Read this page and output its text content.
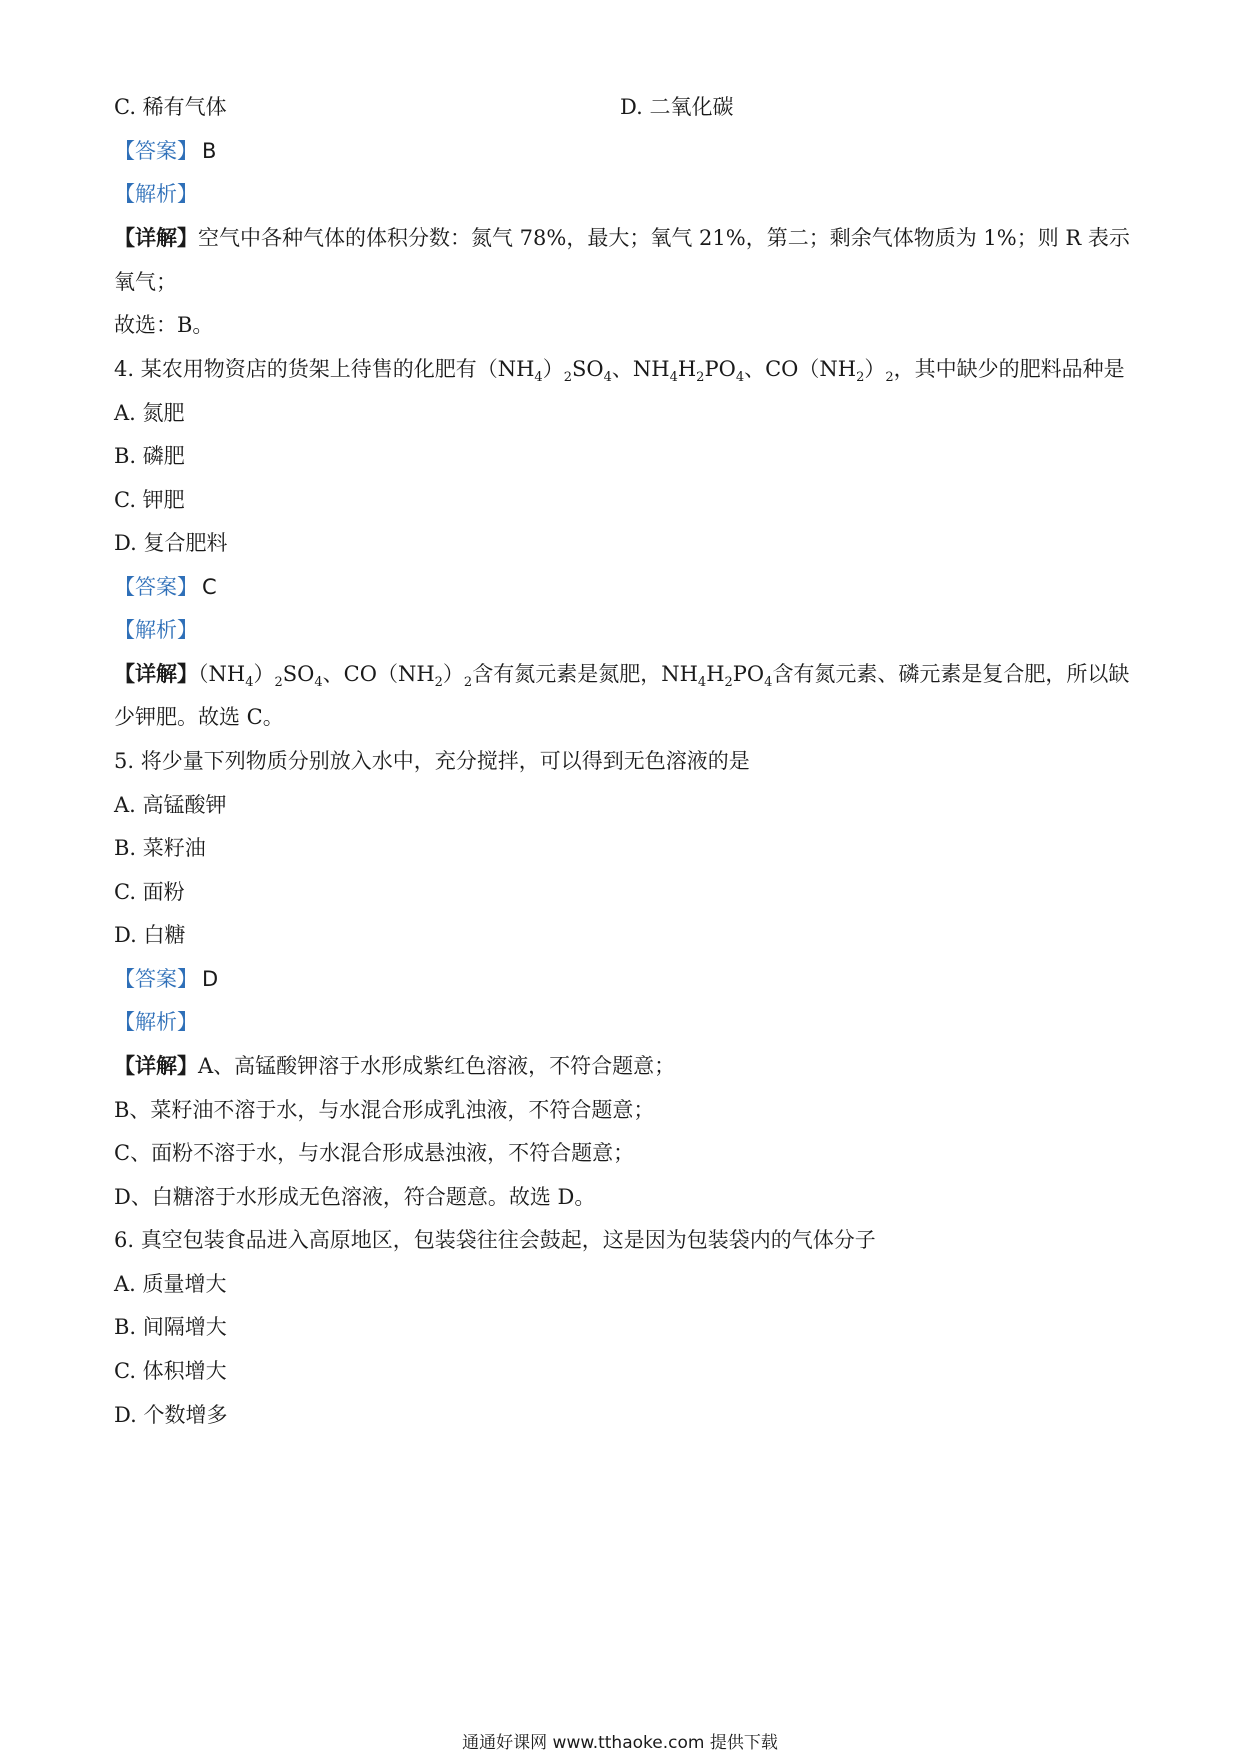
C. 稀有气体	D. 二氧化碳
【答案】 B
【解析】
【详解】空气中各种气体的体积分数：氮气 78%，最大；氧气 21%，第二；剩余气体物质为 1%；则 R 表示
氧气；
故选：B。
4. 某农用物资店的货架上待售的化肥有$(NH_4)_2SO_4$、$NH_4H_2PO_4$、$CO(NH_2)_2$，其中缺少的肥料品种是
A. 氮肥
B. 磷肥
C. 钾肥
D. 复合肥料
【答案】 C
【解析】
【详解】$(NH_4)_2SO_4$、$CO(NH_2)_2$含有氮元素是氮肥，$NH_4H_2PO_4$含有氮元素、磷元素是复合肥，所以缺
少钾肥。故选 C。
5. 将少量下列物质分别放入水中，充分搅拌，可以得到无色溶液的是
A. 高锰酸钾
B. 菜籽油
C. 面粉
D. 白糖
【答案】 D
【解析】
【详解】A、高锰酸钾溶于水形成紫红色溶液，不符合题意；
B、菜籽油不溶于水，与水混合形成乳浊液，不符合题意；
C、面粉不溶于水，与水混合形成悬浊液，不符合题意；
D、白糖溶于水形成无色溶液，符合题意。故选 D。
6. 真空包装食品进入高原地区，包装袋往往会鼓起，这是因为包装袋内的气体分子
A. 质量增大
B. 间隔增大
C. 体积增大
D. 个数增多
通通好课网 www.tthaoke.com 提供下载
